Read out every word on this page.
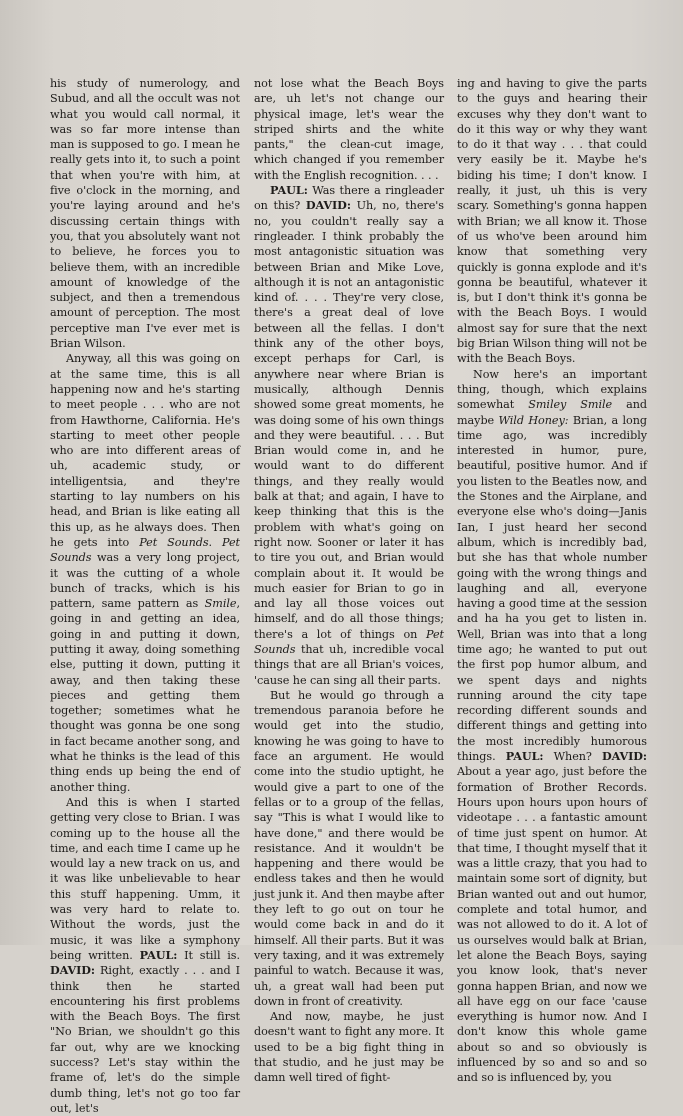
his study of numerology, and Subud, and all the occult was not what you would call normal, it was so far more intense than man is supposed to go. I mean he really gets into it, to such a point that when you're with him, at five o'clock in the morning, and you're laying around and he's discussing certain things with you, that you absolutely want not to believe, he forces you to believe them, with an incredible amount of knowledge of the subject, and then a tremendous amount of perception. The most perceptive man I've ever met is Brian Wilson.

Anyway, all this was going on at the same time, this is all happening now and he's starting to meet people . . . who are not from Hawthorne, California. He's starting to meet other people who are into different areas of uh, academic study, or intelligentsia, and they're starting to lay numbers on his head, and Brian is like eating all this up, as he always does. Then he gets into Pet Sounds. Pet Sounds was a very long project, it was the cutting of a whole bunch of tracks, which is his pattern, same pattern as Smile, going in and getting an idea, going in and putting it down, putting it away, doing something else, putting it down, putting it away, and then taking these pieces and getting them together; sometimes what he thought was gonna be one song in fact became another song, and what he thinks is the lead of this thing ends up being the end of another thing.

And this is when I started getting very close to Brian. I was coming up to the house all the time, and each time I came up he would lay a new track on us, and it was like unbelievable to hear this stuff happening. Umm, it was very hard to relate to. Without the words, just the music, it was like a symphony being written. PAUL: It still is. DAVID: Right, exactly . . . and I think then he started encountering his first problems with the Beach Boys. The first "No Brian, we shouldn't go this far out, why are we knocking success? Let's stay within the frame of, let's do the simple dumb thing, let's not go too far out, let's

not lose what the Beach Boys are, uh let's not change our physical image, let's wear the striped shirts and the white pants," the clean-cut image, which changed if you remember with the English recognition. . . .

PAUL: Was there a ringleader on this? DAVID: Uh, no, there's no, you couldn't really say a ringleader. I think probably the most antagonistic situation was between Brian and Mike Love, although it is not an antagonistic kind of. . . . They're very close, there's a great deal of love between all the fellas. I don't think any of the other boys, except perhaps for Carl, is anywhere near where Brian is musically, although Dennis showed some great moments, he was doing some of his own things and they were beautiful. . . . But Brian would come in, and he would want to do different things, and they really would balk at that; and again, I have to keep thinking that this is the problem with what's going on right now. Sooner or later it has to tire you out, and Brian would complain about it. It would be much easier for Brian to go in and lay all those voices out himself, and do all those things; there's a lot of things on Pet Sounds that uh, incredible vocal things that are all Brian's voices, 'cause he can sing all their parts.

But he would go through a tremendous paranoia before he would get into the studio, knowing he was going to have to face an argument. He would come into the studio uptight, he would give a part to one of the fellas or to a group of the fellas, say "This is what I would like to have done," and there would be resistance. And it wouldn't be happening and there would be endless takes and then he would just junk it. And then maybe after they left to go out on tour he would come back in and do it himself. All their parts. But it was very taxing, and it was extremely painful to watch. Because it was, uh, a great wall had been put down in front of creativity.

And now, maybe, he just doesn't want to fight any more. It used to be a big fight thing in that studio, and he just may be damn well tired of fight-

ing and having to give the parts to the guys and hearing their excuses why they don't want to do it this way or why they want to do it that way . . . that could very easily be it. Maybe he's biding his time; I don't know. I really, it just, uh this is very scary. Something's gonna happen with Brian; we all know it. Those of us who've been around him know that something very quickly is gonna explode and it's gonna be beautiful, whatever it is, but I don't think it's gonna be with the Beach Boys. I would almost say for sure that the next big Brian Wilson thing will not be with the Beach Boys.

Now here's an important thing, though, which explains somewhat Smiley Smile and maybe Wild Honey: Brian, a long time ago, was incredibly interested in humor, pure, beautiful, positive humor. And if you listen to the Beatles now, and the Stones and the Airplane, and everyone else who's doing—Janis Ian, I just heard her second album, which is incredibly bad, but she has that whole number going with the wrong things and laughing and all, everyone having a good time at the session and ha ha you get to listen in. Well, Brian was into that a long time ago; he wanted to put out the first pop humor album, and we spent days and nights running around the city tape recording different sounds and different things and getting into the most incredibly humorous things. PAUL: When? DAVID: About a year ago, just before the formation of Brother Records. Hours upon hours upon hours of videotape . . . a fantastic amount of time just spent on humor. At that time, I thought myself that it was a little crazy, that you had to maintain some sort of dignity, but Brian wanted out and out humor, complete and total humor, and was not allowed to do it. A lot of us ourselves would balk at Brian, let alone the Beach Boys, saying you know look, that's never gonna happen Brian, and now we all have egg on our face 'cause everything is humor now. And I don't know this whole game about so and so obviously is influenced by so and so and so and so is influenced by, you
